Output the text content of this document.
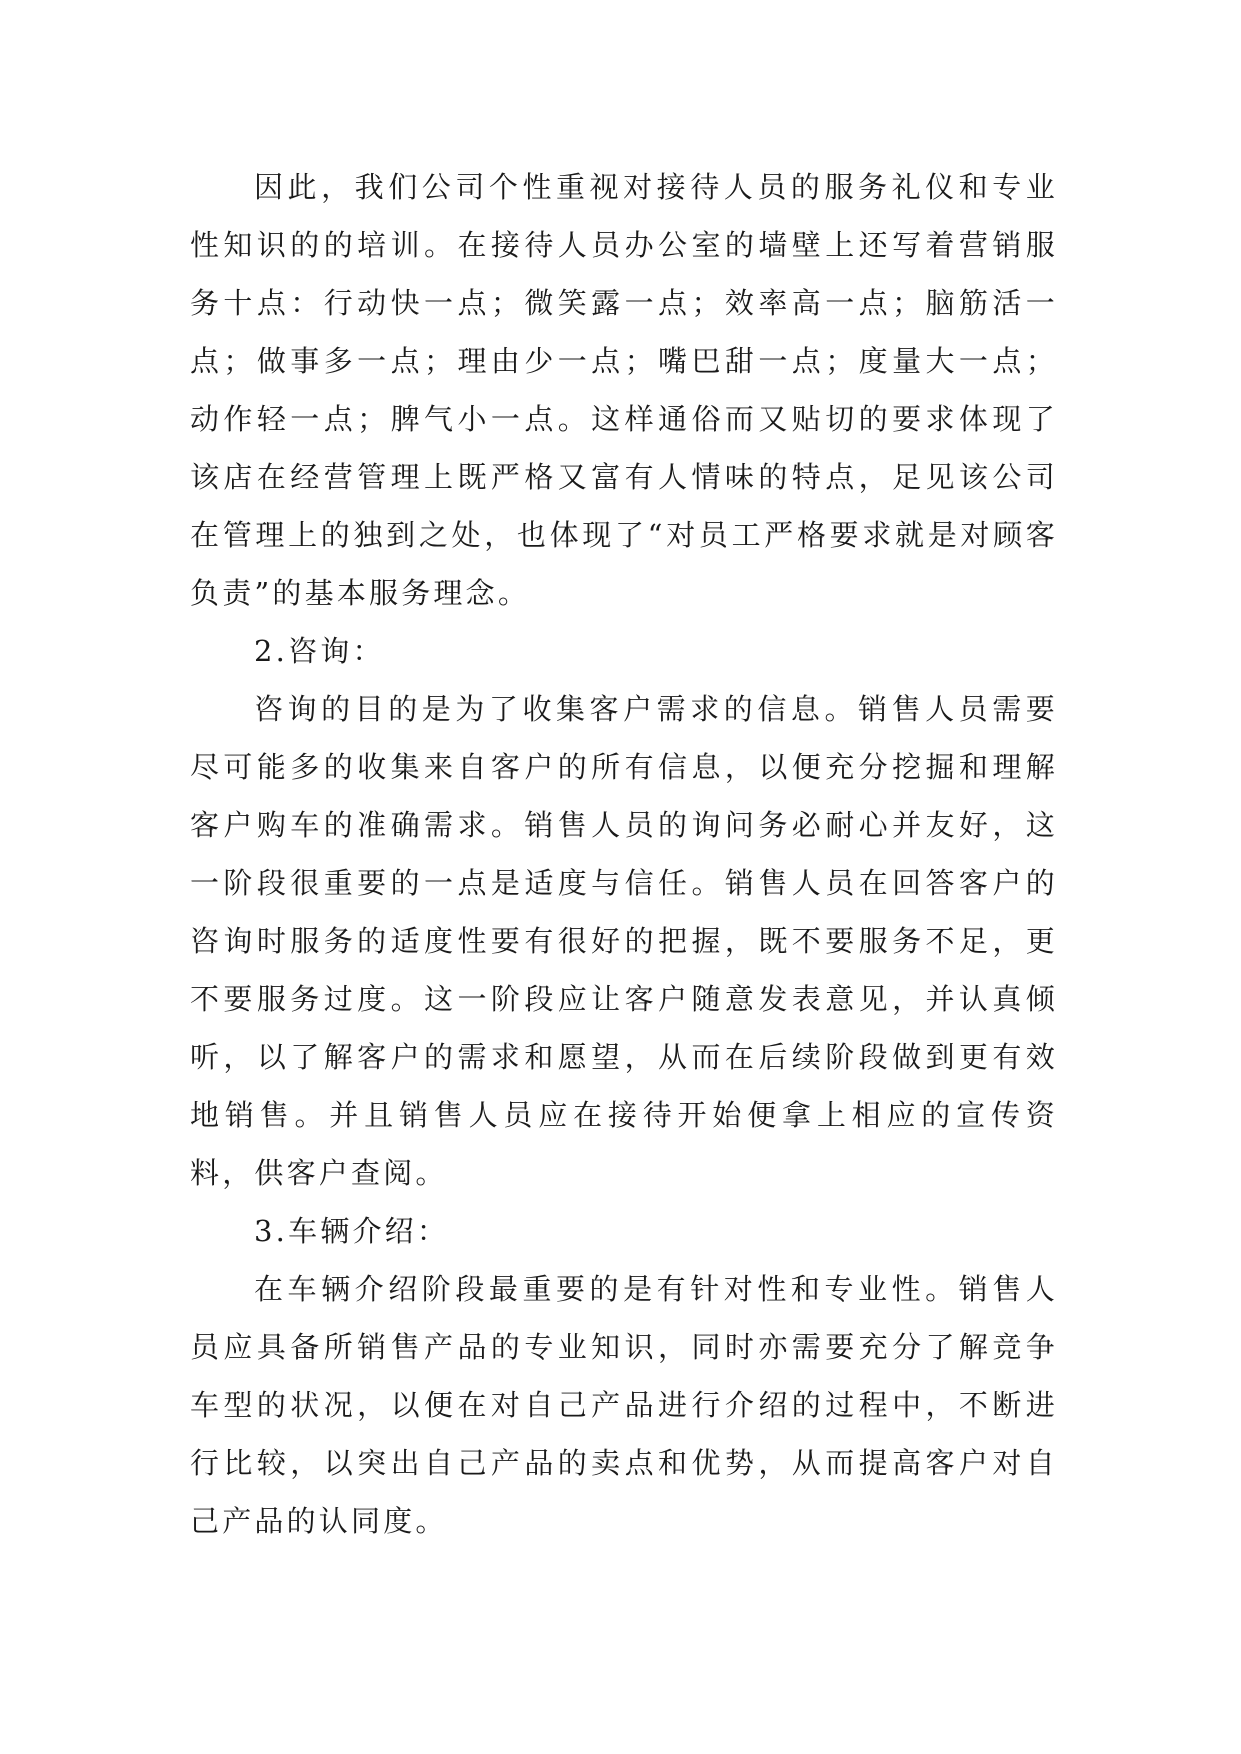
因此，我们公司个性重视对接待人员的服务礼仪和专业性知识的的培训。在接待人员办公室的墙壁上还写着营销服务十点：行动快一点；微笑露一点；效率高一点；脑筋活一点；做事多一点；理由少一点；嘴巴甜一点；度量大一点；动作轻一点；脾气小一点。这样通俗而又贴切的要求体现了该店在经营管理上既严格又富有人情味的特点，足见该公司在管理上的独到之处，也体现了“对员工严格要求就是对顾客负责”的基本服务理念。

2.咨询：

咨询的目的是为了收集客户需求的信息。销售人员需要尽可能多的收集来自客户的所有信息，以便充分挖掘和理解客户购车的准确需求。销售人员的询问务必耐心并友好，这一阶段很重要的一点是适度与信任。销售人员在回答客户的咨询时服务的适度性要有很好的把握，既不要服务不足，更不要服务过度。这一阶段应让客户随意发表意见，并认真倾听，以了解客户的需求和愿望，从而在后续阶段做到更有效地销售。并且销售人员应在接待开始便拿上相应的宣传资料，供客户查阅。

3.车辆介绍：

在车辆介绍阶段最重要的是有针对性和专业性。销售人员应具备所销售产品的专业知识，同时亦需要充分了解竞争车型的状况，以便在对自己产品进行介绍的过程中，不断进行比较，以突出自己产品的卖点和优势，从而提高客户对自己产品的认同度。
